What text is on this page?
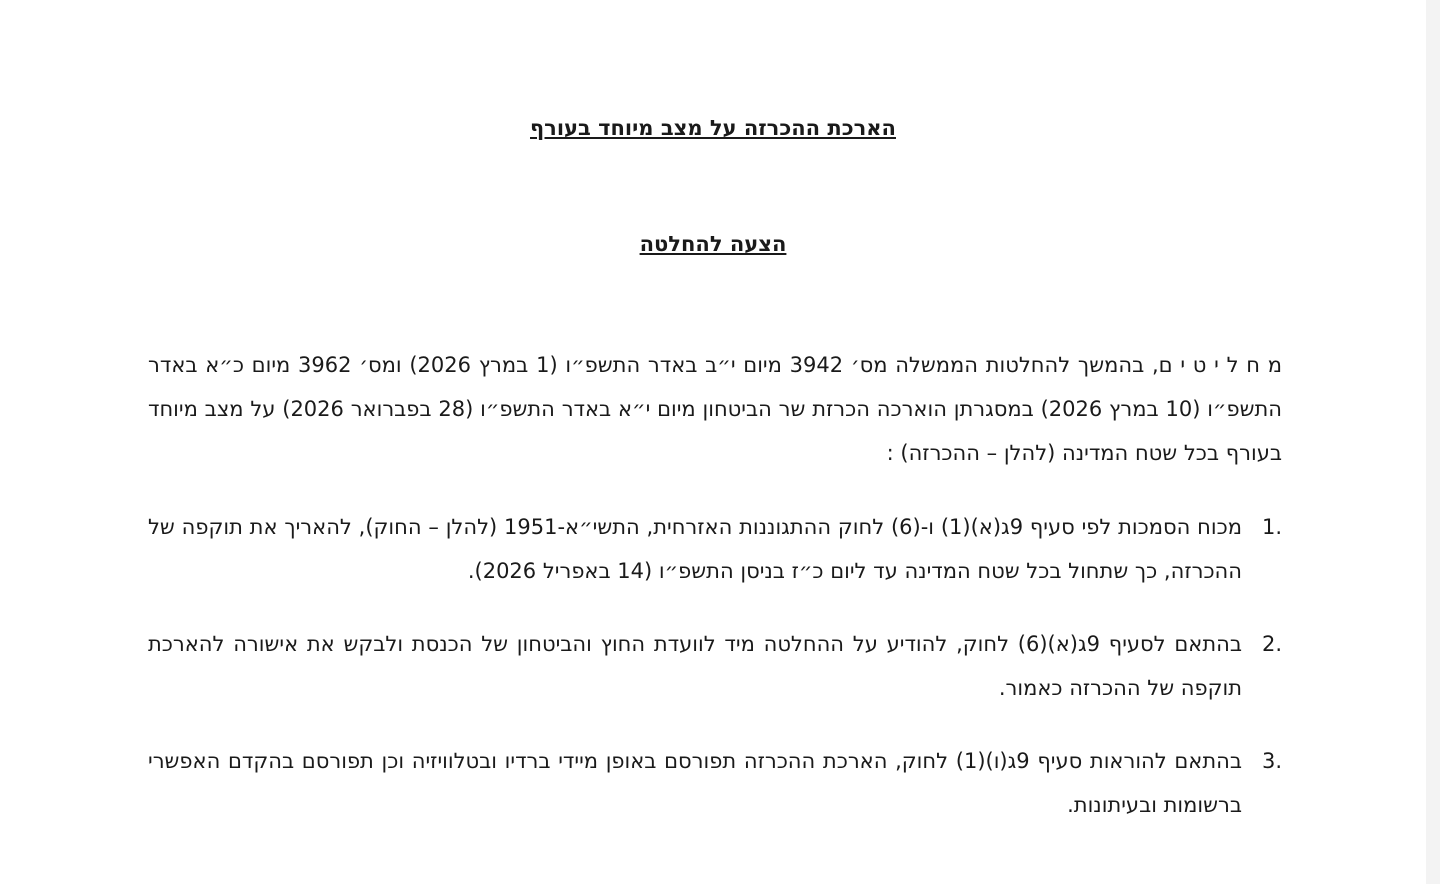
הארכת ההכרזה על מצב מיוחד בעורף
הצעה להחלטה
מ ח ל י ט י ם, בהמשך להחלטות הממשלה מס׳ 3942 מיום י״ב באדר התשפ״ו (1 במרץ 2026) ומס׳ 3962 מיום כ״א באדר התשפ״ו (10 במרץ 2026) במסגרתן הוארכה הכרזת שר הביטחון מיום י״א באדר התשפ״ו (28 בפברואר 2026) על מצב מיוחד בעורף בכל שטח המדינה (להלן – ההכרזה) :
1.
מכוח הסמכות לפי סעיף 9ג(א)(1) ו-(6) לחוק ההתגוננות האזרחית, התשי״א-1951 (להלן – החוק), להאריך את תוקפה של ההכרזה, כך שתחול בכל שטח המדינה עד ליום כ״ז בניסן התשפ״ו (14 באפריל 2026).
2.
בהתאם לסעיף 9ג(א)(6) לחוק, להודיע על ההחלטה מיד לוועדת החוץ והביטחון של הכנסת ולבקש את אישורה להארכת תוקפה של ההכרזה כאמור.
3.
בהתאם להוראות סעיף 9ג(ו)(1) לחוק, הארכת ההכרזה תפורסם באופן מיידי ברדיו ובטלוויזיה וכן תפורסם בהקדם האפשרי ברשומות ובעיתונות.
